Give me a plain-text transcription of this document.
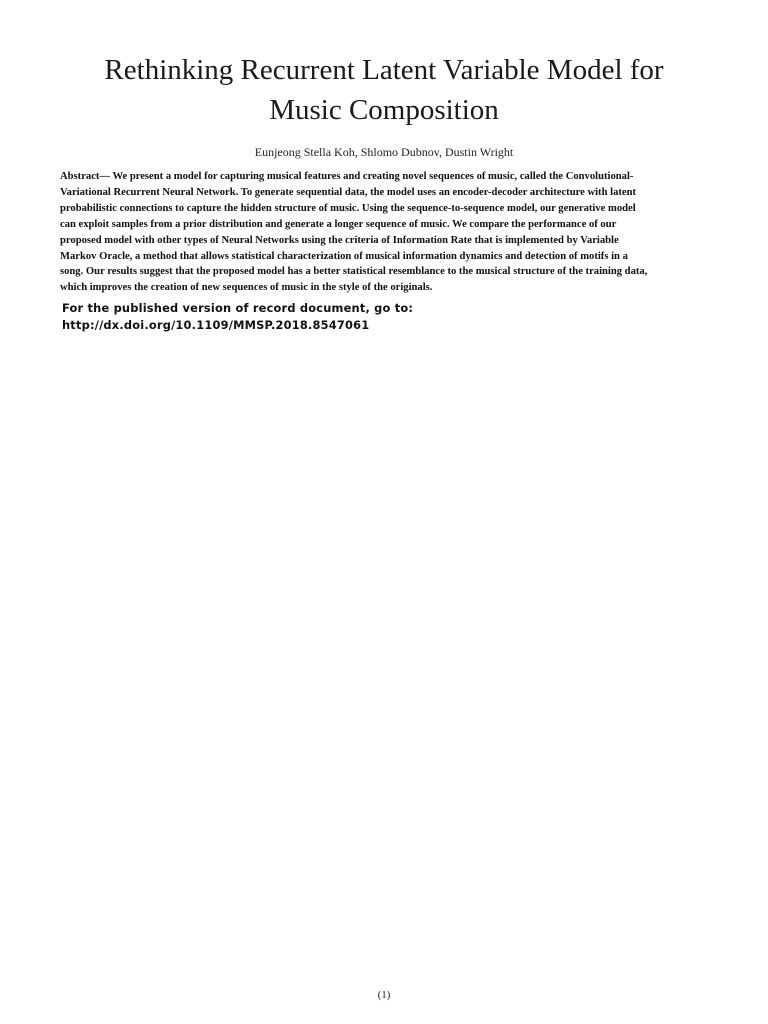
Rethinking Recurrent Latent Variable Model for
Music Composition
Eunjeong Stella Koh, Shlomo Dubnov, Dustin Wright
Abstract— We present a model for capturing musical features and creating novel sequences of music, called the Convolutional-
Variational Recurrent Neural Network. To generate sequential data, the model uses an encoder-decoder architecture with latent
probabilistic connections to capture the hidden structure of music. Using the sequence-to-sequence model, our generative model
can exploit samples from a prior distribution and generate a longer sequence of music. We compare the performance of our
proposed model with other types of Neural Networks using the criteria of Information Rate that is implemented by Variable
Markov Oracle, a method that allows statistical characterization of musical information dynamics and detection of motifs in a
song. Our results suggest that the proposed model has a better statistical resemblance to the musical structure of the training data,
which improves the creation of new sequences of music in the style of the originals.
For the published version of record document, go to:
http://dx.doi.org/10.1109/MMSP.2018.8547061
(1)
